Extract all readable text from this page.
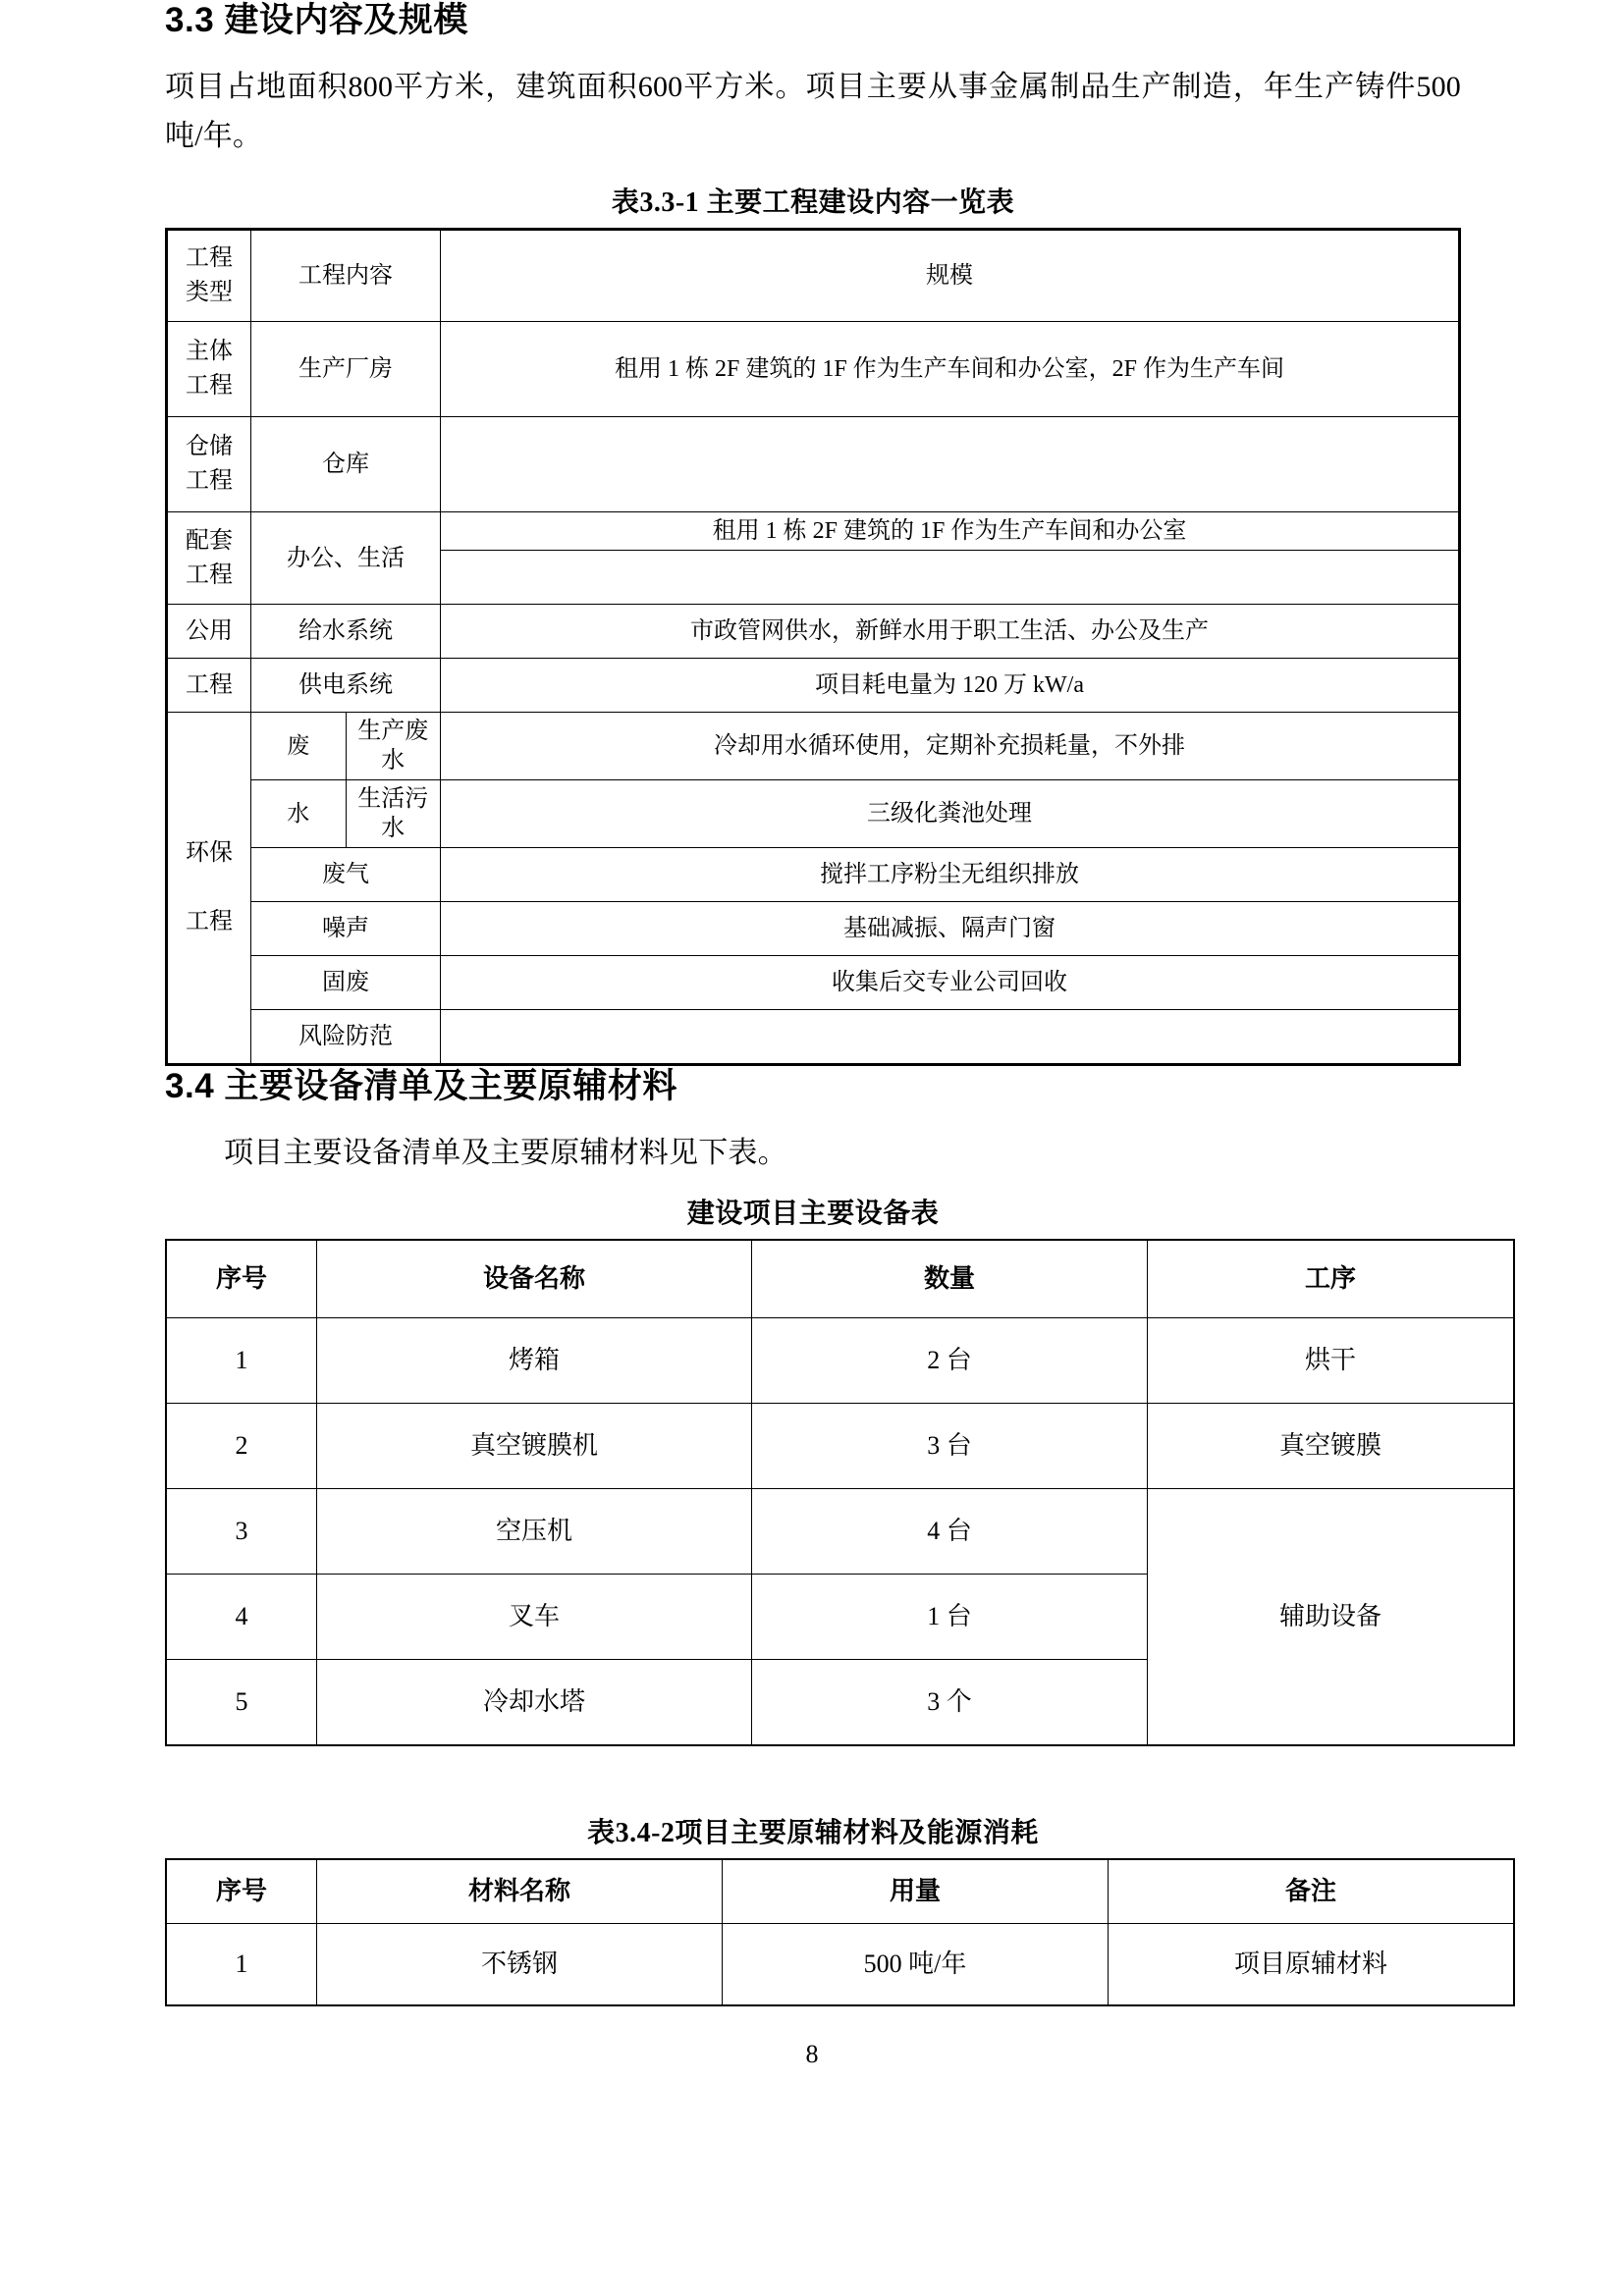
3.3 建设内容及规模

项目占地面积800平方米，建筑面积600平方米。项目主要从事金属制品生产制造，年生产铸件500吨/年。

表3.3-1 主要工程建设内容一览表
工程
类型	工程内容		规模
主体
工程	生产厂房		租用 1 栋 2F 建筑的 1F 作为生产车间和办公室，2F 作为生产车间
仓储
工程	仓库		
配套
工程	办公、生活		租用 1 栋 2F 建筑的 1F 作为生产车间和办公室

公用	给水系统		市政管网供水，新鲜水用于职工生活、办公及生产
工程	供电系统		项目耗电量为 120 万 kW/a
环保

工程	废	生产废水	冷却用水循环使用，定期补充损耗量，不外排
	水	生活污水	三级化粪池处理
	废气		搅拌工序粉尘无组织排放
	噪声		基础减振、隔声门窗
	固废		收集后交专业公司回收
	风险防范		
3.4 主要设备清单及主要原辅材料

项目主要设备清单及主要原辅材料见下表。

建设项目主要设备表
序号	设备名称	数量	工序
1	烤箱	2 台	烘干
2	真空镀膜机	3 台	真空镀膜
3	空压机	4 台	辅助设备
4	叉车	1 台	
5	冷却水塔	3 个	
表3.4-2项目主要原辅材料及能源消耗
序号	材料名称	用量	备注
1	不锈钢	500 吨/年	项目原辅材料
8
